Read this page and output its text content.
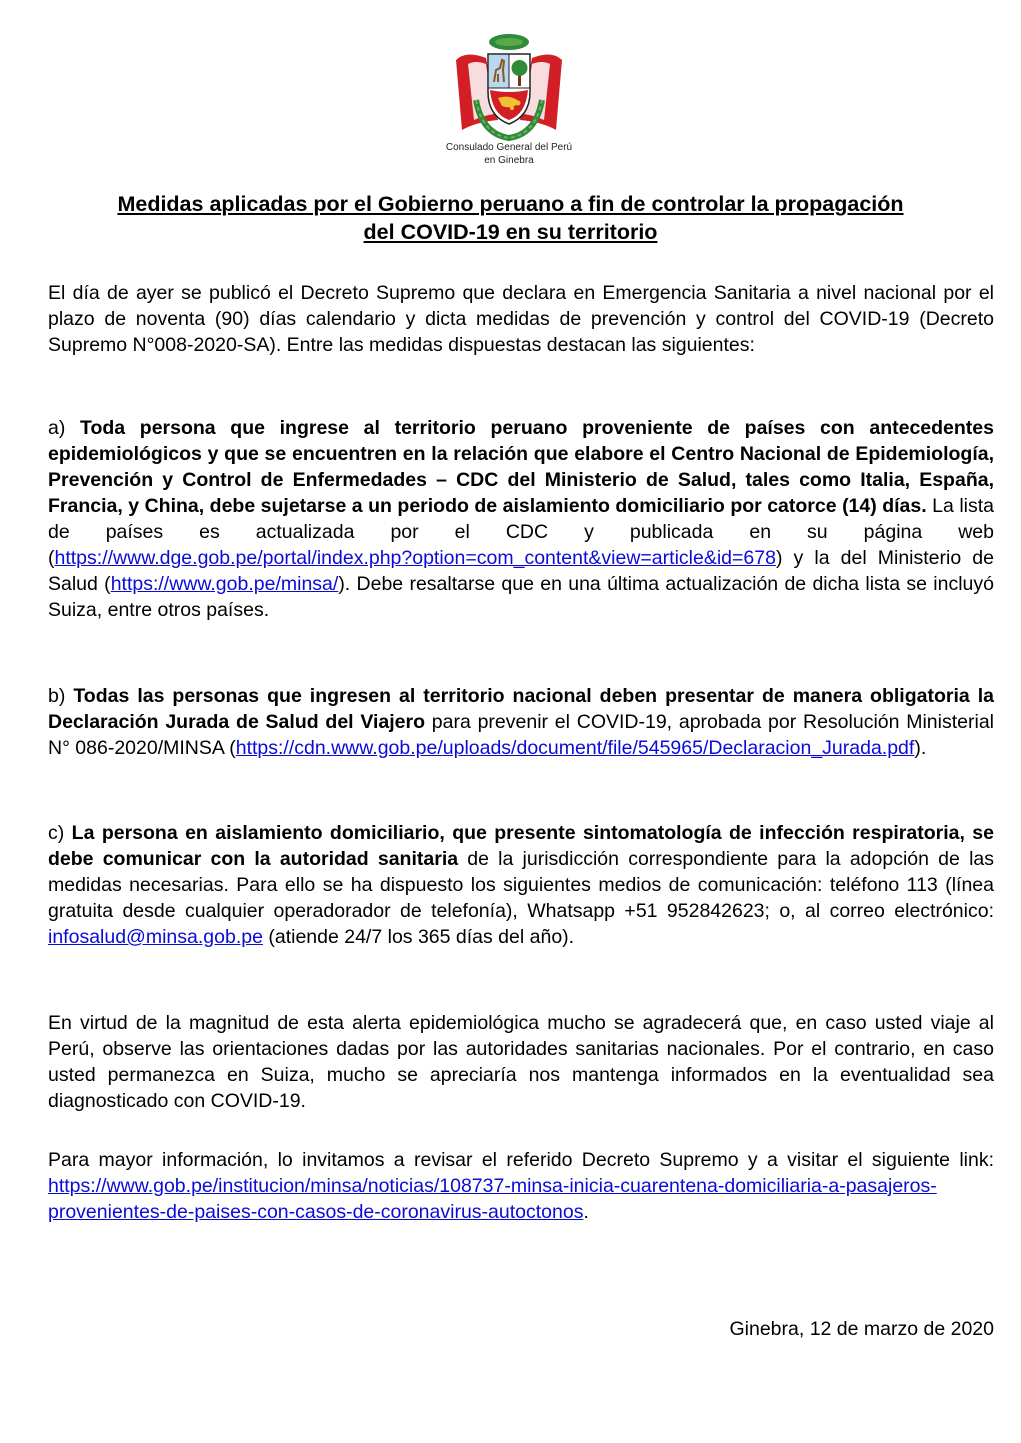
Consulado General del Perú
en Ginebra
Medidas aplicadas por el Gobierno peruano a fin de controlar la propagación
del COVID-19 en su territorio
El día de ayer se publicó el Decreto Supremo que declara en Emergencia Sanitaria a nivel nacional por el plazo de noventa (90) días calendario y dicta medidas de prevención y control del COVID-19 (Decreto Supremo N°008-2020-SA). Entre las medidas dispuestas destacan las siguientes:
a) Toda persona que ingrese al territorio peruano proveniente de países con antecedentes epidemiológicos y que se encuentren en la relación que elabore el Centro Nacional de Epidemiología, Prevención y Control de Enfermedades – CDC del Ministerio de Salud, tales como Italia, España, Francia, y China, debe sujetarse a un periodo de aislamiento domiciliario por catorce (14) días. La lista de países es actualizada por el CDC y publicada en su página web (https://www.dge.gob.pe/portal/index.php?option=com_content&view=article&id=678) y la del Ministerio de Salud (https://www.gob.pe/minsa/). Debe resaltarse que en una última actualización de dicha lista se incluyó Suiza, entre otros países.
b) Todas las personas que ingresen al territorio nacional deben presentar de manera obligatoria la Declaración Jurada de Salud del Viajero para prevenir el COVID-19, aprobada por Resolución Ministerial N° 086-2020/MINSA (https://cdn.www.gob.pe/uploads/document/file/545965/Declaracion_Jurada.pdf).
c) La persona en aislamiento domiciliario, que presente sintomatología de infección respiratoria, se debe comunicar con la autoridad sanitaria de la jurisdicción correspondiente para la adopción de las medidas necesarias. Para ello se ha dispuesto los siguientes medios de comunicación: teléfono 113 (línea gratuita desde cualquier operadorador de telefonía), Whatsapp +51 952842623; o, al correo electrónico: infosalud@minsa.gob.pe (atiende 24/7 los 365 días del año).
En virtud de la magnitud de esta alerta epidemiológica mucho se agradecerá que, en caso usted viaje al Perú, observe las orientaciones dadas por las autoridades sanitarias nacionales. Por el contrario, en caso usted permanezca en Suiza, mucho se apreciaría nos mantenga informados en la eventualidad sea diagnosticado con COVID-19.
Para mayor información, lo invitamos a revisar el referido Decreto Supremo y a visitar el siguiente link: https://www.gob.pe/institucion/minsa/noticias/108737-minsa-inicia-cuarentena-domiciliaria-a-pasajeros-provenientes-de-paises-con-casos-de-coronavirus-autoctonos.
Ginebra, 12 de marzo de 2020
